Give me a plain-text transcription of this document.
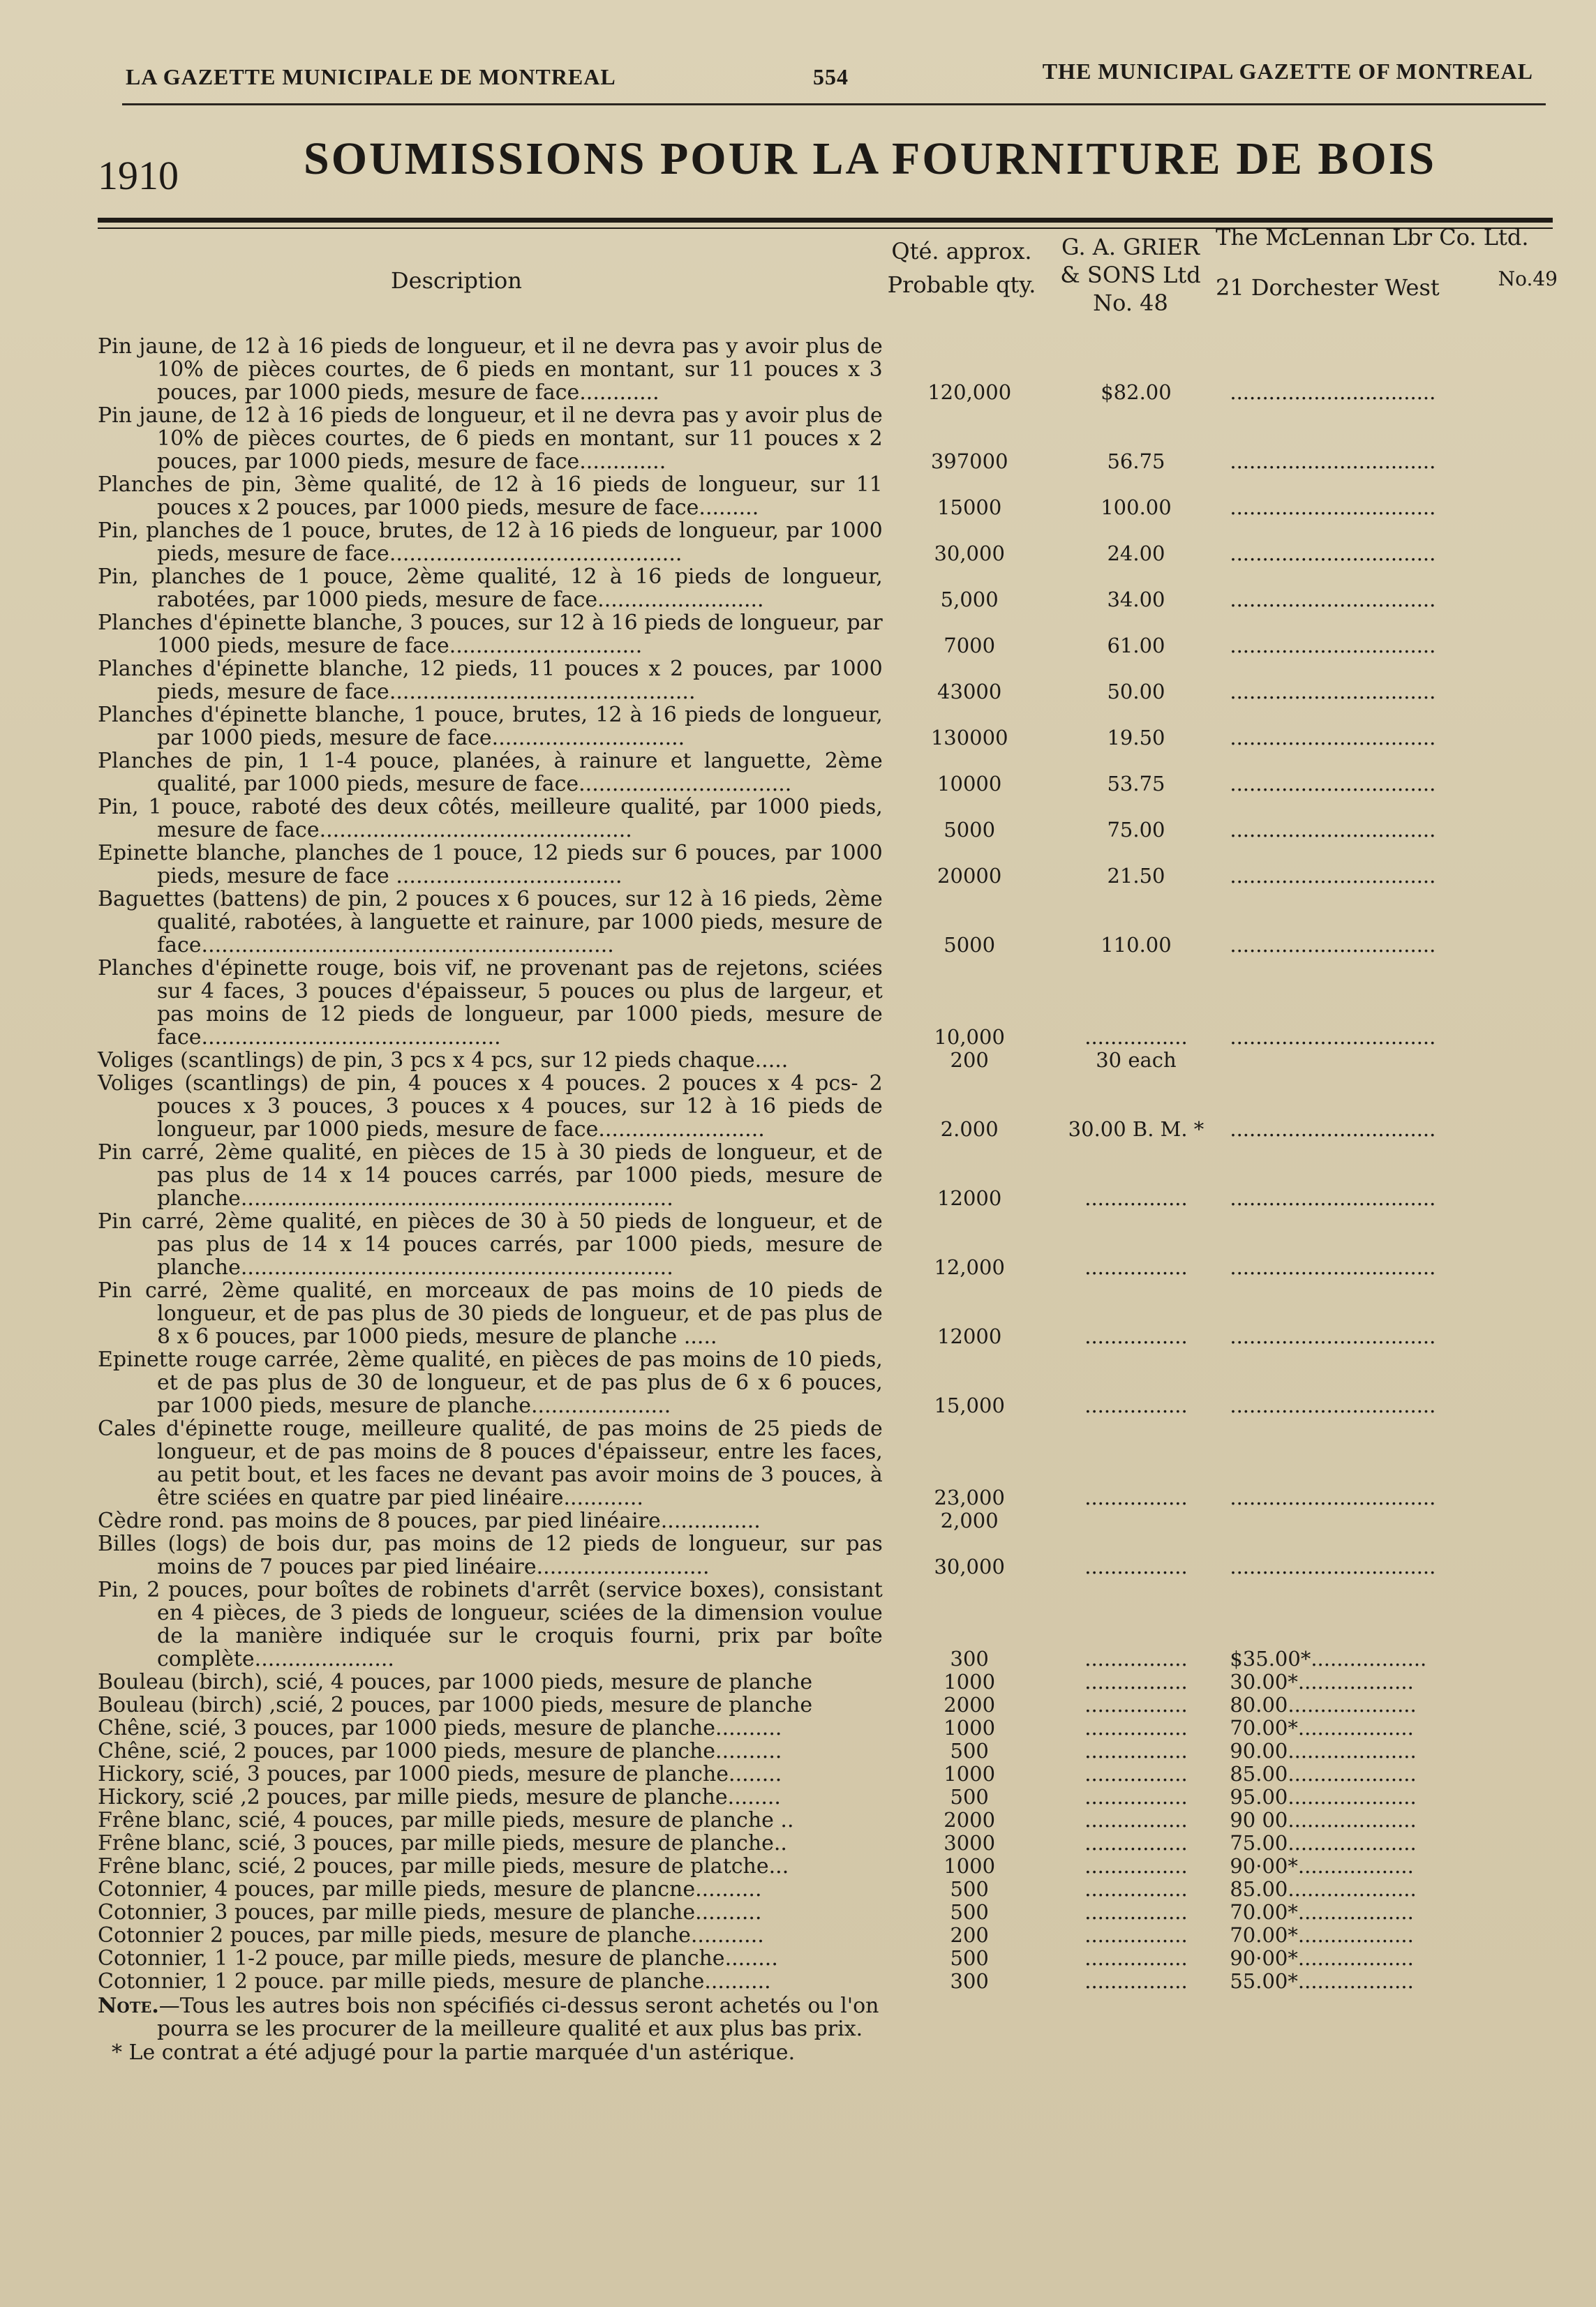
LA GAZETTE MUNICIPALE DE MONTREAL	554	THE MUNICIPAL GAZETTE OF MONTREAL
1910	SOUMISSIONS POUR LA FOURNITURE DE BOIS
Description
Qté. approx.
Probable qty.
G. A. GRIER
& SONS Ltd
No. 48
The McLennan Lbr Co. Ltd.
21 Dorchester West	No.49
Pin jaune, de 12 à 16 pieds de longueur, et il ne devra pas y avoir plus de 10% de pièces courtes, de 6 pieds en montant, sur 11 pouces x 3 pouces, par 1000 pieds, mesure de face............	120,000	$82.00	................................
Pin jaune, de 12 à 16 pieds de longueur, et il ne devra pas y avoir plus de 10% de pièces courtes, de 6 pieds en montant, sur 11 pouces x 2 pouces, par 1000 pieds, mesure de face.............	397000	56.75	................................
Planches de pin, 3ème qualité, de 12 à 16 pieds de longueur, sur 11 pouces x 2 pouces, par 1000 pieds, mesure de face.........	15000	100.00	................................
Pin, planches de 1 pouce, brutes, de 12 à 16 pieds de longueur, par 1000 pieds, mesure de face............................................	30,000	24.00	................................
Pin, planches de 1 pouce, 2ème qualité, 12 à 16 pieds de longueur, rabotées, par 1000 pieds, mesure de face.........................	5,000	34.00	................................
Planches d'épinette blanche, 3 pouces, sur 12 à 16 pieds de longueur, par 1000 pieds, mesure de face.............................	7000	61.00	................................
Planches d'épinette blanche, 12 pieds, 11 pouces x 2 pouces, par 1000 pieds, mesure de face..............................................	43000	50.00	................................
Planches d'épinette blanche, 1 pouce, brutes, 12 à 16 pieds de longueur, par 1000 pieds, mesure de face.............................	130000	19.50	................................
Planches de pin, 1 1-4 pouce, planées, à rainure et languette, 2ème qualité, par 1000 pieds, mesure de face................................	10000	53.75	................................
Pin, 1 pouce, raboté des deux côtés, meilleure qualité, par 1000 pieds, mesure de face...............................................	5000	75.00	................................
Epinette blanche, planches de 1 pouce, 12 pieds sur 6 pouces, par 1000 pieds, mesure de face ..................................	20000	21.50	................................
Baguettes (battens) de pin, 2 pouces x 6 pouces, sur 12 à 16 pieds, 2ème qualité, rabotées, à languette et rainure, par 1000 pieds, mesure de face..............................................................	5000	110.00	................................
Planches d'épinette rouge, bois vif, ne provenant pas de rejetons, sciées sur 4 faces, 3 pouces d'épaisseur, 5 pouces ou plus de largeur, et pas moins de 12 pieds de longueur, par 1000 pieds, mesure de face.............................................	10,000	................	................................
Voliges (scantlings) de pin, 3 pcs x 4 pcs, sur 12 pieds chaque.....	200	30 each
Voliges (scantlings) de pin, 4 pouces x 4 pouces. 2 pouces x 4 pcs- 2 pouces x 3 pouces, 3 pouces x 4 pouces, sur 12 à 16 pieds de longueur, par 1000 pieds, mesure de face.........................	2.000	30.00 B. M. *	................................
Pin carré, 2ème qualité, en pièces de 15 à 30 pieds de longueur, et de pas plus de 14 x 14 pouces carrés, par 1000 pieds, mesure de planche.................................................................	12000	................	................................
Pin carré, 2ème qualité, en pièces de 30 à 50 pieds de longueur, et de pas plus de 14 x 14 pouces carrés, par 1000 pieds, mesure de planche.................................................................	12,000	................	................................
Pin carré, 2ème qualité, en morceaux de pas moins de 10 pieds de longueur, et de pas plus de 30 pieds de longueur, et de pas plus de 8 x 6 pouces, par 1000 pieds, mesure de planche .....	12000	................	................................
Epinette rouge carrée, 2ème qualité, en pièces de pas moins de 10 pieds, et de pas plus de 30 de longueur, et de pas plus de 6 x 6 pouces, par 1000 pieds, mesure de planche.....................	15,000	................	................................
Cales d'épinette rouge, meilleure qualité, de pas moins de 25 pieds de longueur, et de pas moins de 8 pouces d'épaisseur, entre les faces, au petit bout, et les faces ne devant pas avoir moins de 3 pouces, à être sciées en quatre par pied linéaire............	23,000	................	................................
Cèdre rond. pas moins de 8 pouces, par pied linéaire...............	2,000
Billes (logs) de bois dur, pas moins de 12 pieds de longueur, sur pas moins de 7 pouces par pied linéaire..........................	30,000	................	................................
Pin, 2 pouces, pour boîtes de robinets d'arrêt (service boxes), consistant en 4 pièces, de 3 pieds de longueur, sciées de la dimension voulue de la manière indiquée sur le croquis fourni, prix par boîte complète.....................	300	................	$35.00*..................
Bouleau (birch), scié, 4 pouces, par 1000 pieds, mesure de planche	1000	................	30.00*..................
Bouleau (birch) ,scié, 2 pouces, par 1000 pieds, mesure de planche	2000	................	80.00....................
Chêne, scié, 3 pouces, par 1000 pieds, mesure de planche..........	1000	................	70.00*..................
Chêne, scié, 2 pouces, par 1000 pieds, mesure de planche..........	500	................	90.00....................
Hickory, scié, 3 pouces, par 1000 pieds, mesure de planche........	1000	................	85.00....................
Hickory, scié ,2 pouces, par mille pieds, mesure de planche........	500	................	95.00....................
Frêne blanc, scié, 4 pouces, par mille pieds, mesure de planche ..	2000	................	90 00....................
Frêne blanc, scié, 3 pouces, par mille pieds, mesure de planche..	3000	................	75.00....................
Frêne blanc, scié, 2 pouces, par mille pieds, mesure de platche...	1000	................	90·00*..................
Cotonnier, 4 pouces, par mille pieds, mesure de plancne..........	500	................	85.00....................
Cotonnier, 3 pouces, par mille pieds, mesure de planche..........	500	................	70.00*..................
Cotonnier 2 pouces, par mille pieds, mesure de planche...........	200	................	70.00*..................
Cotonnier, 1 1-2 pouce, par mille pieds, mesure de planche........	500	................	90·00*..................
Cotonnier, 1 2 pouce. par mille pieds, mesure de planche..........	300	................	55.00*..................
Note.—Tous les autres bois non spécifiés ci-dessus seront achetés ou l'on pourra se les procurer de la meilleure qualité et aux plus bas prix.
* Le contrat a été adjugé pour la partie marquée d'un astérique.
